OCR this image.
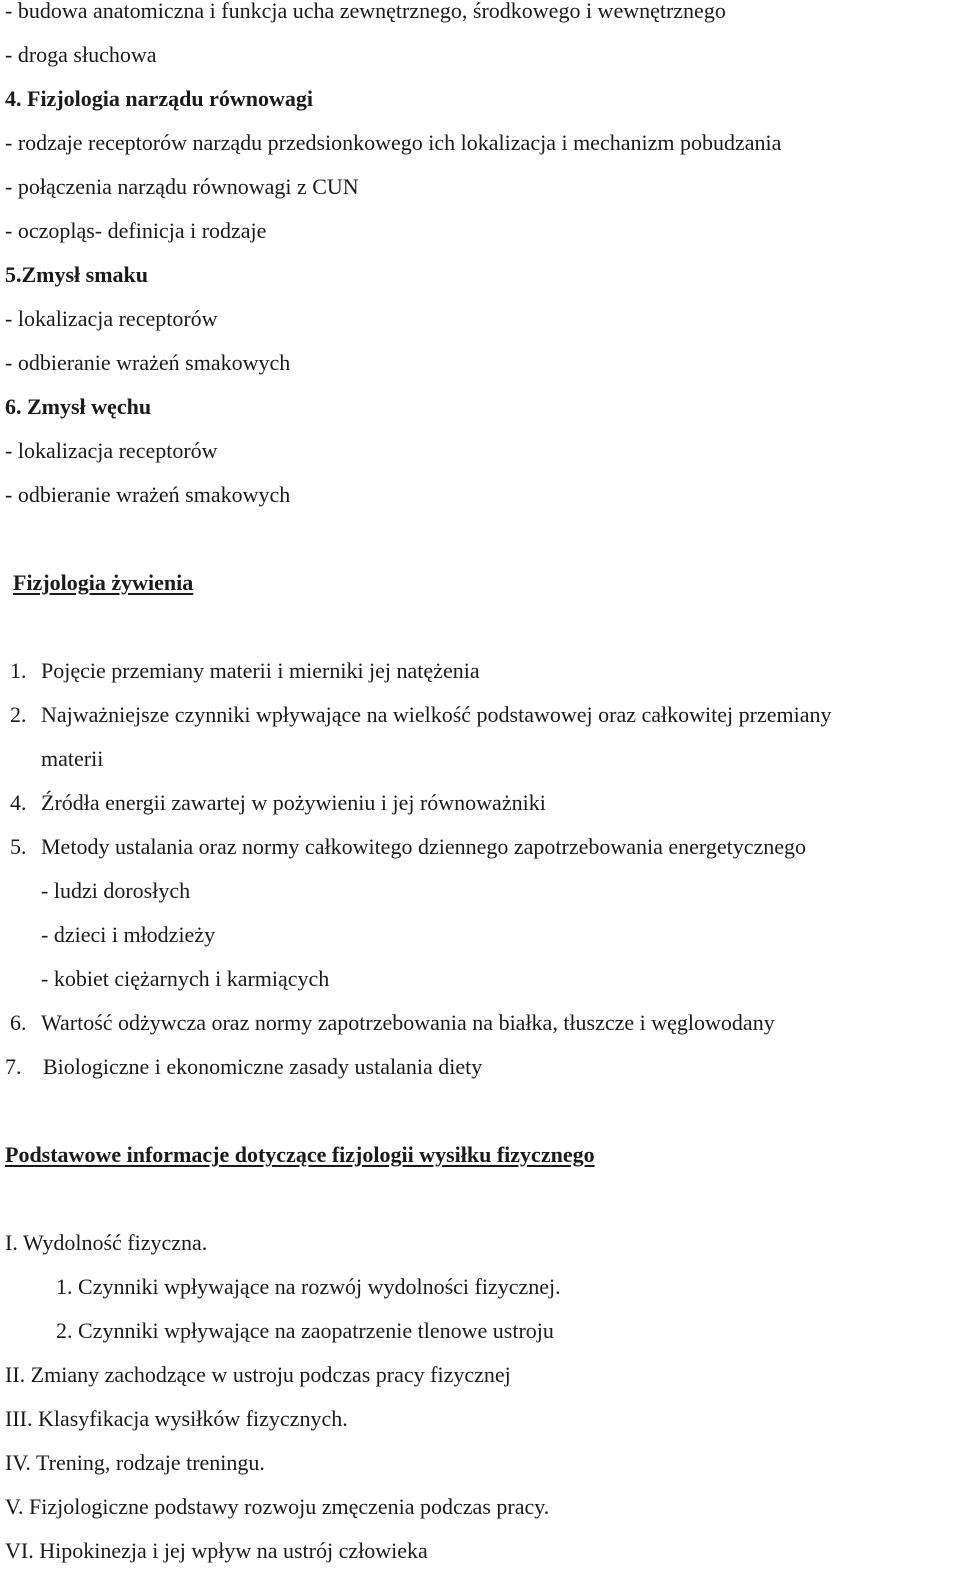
- budowa anatomiczna i funkcja ucha zewnętrznego, środkowego i wewnętrznego
- droga słuchowa
4. Fizjologia narządu równowagi
- rodzaje receptorów narządu przedsionkowego ich lokalizacja i mechanizm pobudzania
- połączenia narządu równowagi z CUN
- oczopląs- definicja i rodzaje
5.Zmysł smaku
- lokalizacja receptorów
- odbieranie wrażeń smakowych
6. Zmysł węchu
- lokalizacja receptorów
- odbieranie wrażeń smakowych
Fizjologia żywienia
1. Pojęcie przemiany materii i mierniki jej natężenia
2. Najważniejsze czynniki wpływające na wielkość podstawowej oraz całkowitej przemiany
materii
4. Źródła energii zawartej w pożywieniu i jej równoważniki
5. Metody ustalania oraz normy całkowitego dziennego zapotrzebowania energetycznego
- ludzi dorosłych
- dzieci i młodzieży
- kobiet ciężarnych i karmiących
6. Wartość odżywcza oraz normy zapotrzebowania na białka, tłuszcze i węglowodany
7. Biologiczne i ekonomiczne zasady ustalania diety
Podstawowe informacje dotyczące fizjologii wysiłku fizycznego
I. Wydolność fizyczna.
1. Czynniki wpływające na rozwój wydolności fizycznej.
2. Czynniki wpływające na zaopatrzenie tlenowe ustroju
II. Zmiany zachodzące w ustroju podczas pracy fizycznej
III. Klasyfikacja wysiłków fizycznych.
IV. Trening, rodzaje treningu.
V. Fizjologiczne podstawy rozwoju zmęczenia podczas pracy.
VI. Hipokinezja i jej wpływ na ustrój człowieka
